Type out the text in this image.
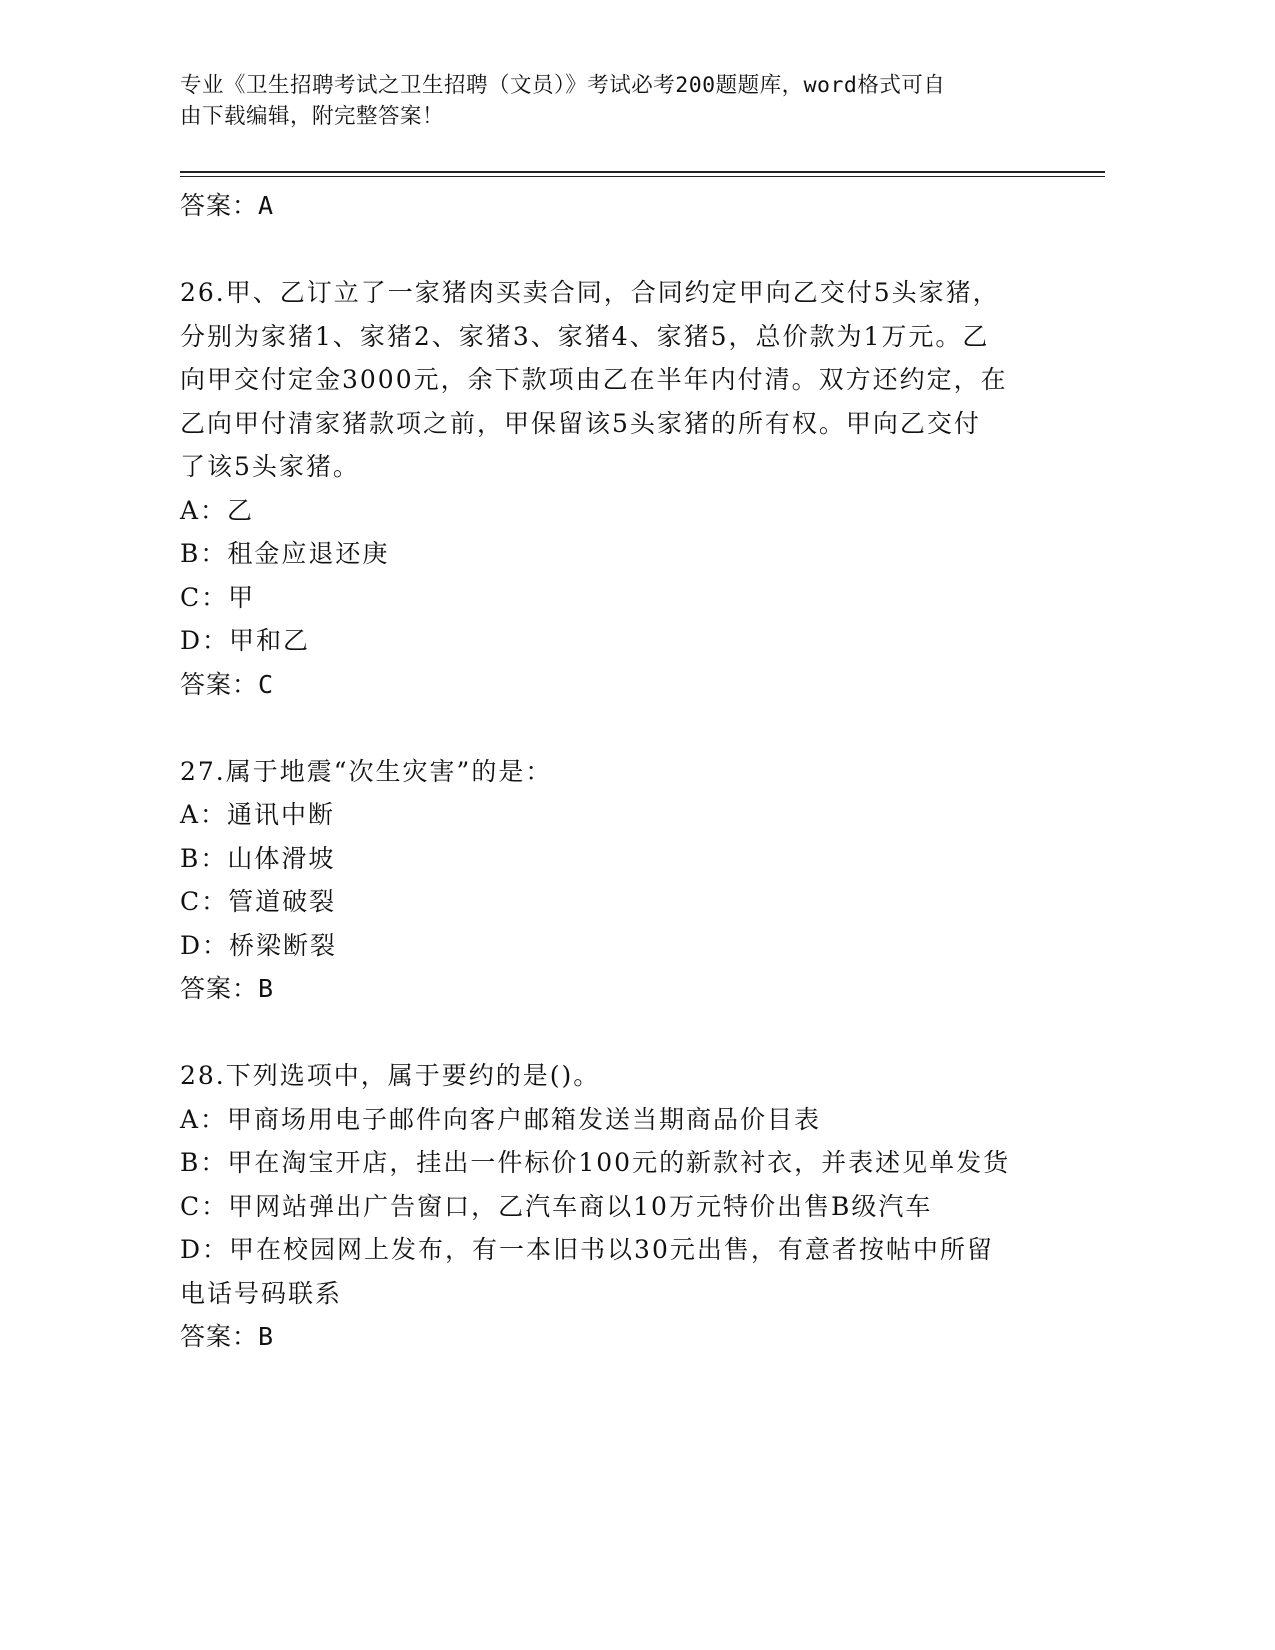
专业《卫生招聘考试之卫生招聘（文员）》考试必考200题题库，word格式可自
由下载编辑，附完整答案！
答案：A
26.甲、乙订立了一家猪肉买卖合同，合同约定甲向乙交付5头家猪，
分别为家猪1、家猪2、家猪3、家猪4、家猪5，总价款为1万元。乙
向甲交付定金3000元，余下款项由乙在半年内付清。双方还约定，在
乙向甲付清家猪款项之前，甲保留该5头家猪的所有权。甲向乙交付
了该5头家猪。
A：乙
B：租金应退还庚
C：甲
D：甲和乙
答案：C
27.属于地震“次生灾害”的是：
A：通讯中断
B：山体滑坡
C：管道破裂
D：桥梁断裂
答案：B
28.下列选项中，属于要约的是()。
A：甲商场用电子邮件向客户邮箱发送当期商品价目表
B：甲在淘宝开店，挂出一件标价100元的新款衬衣，并表述见单发货
C：甲网站弹出广告窗口，乙汽车商以10万元特价出售B级汽车
D：甲在校园网上发布，有一本旧书以30元出售，有意者按帖中所留
电话号码联系
答案：B
